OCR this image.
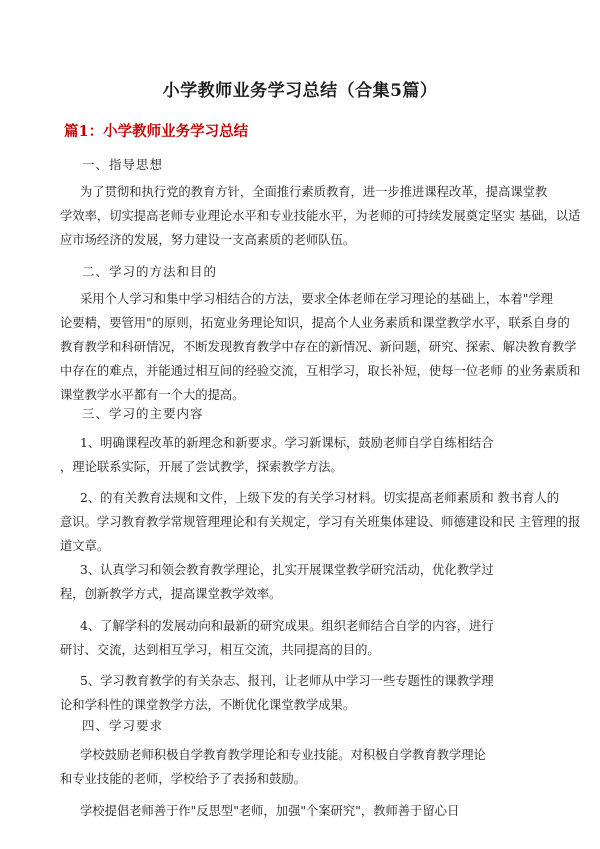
小学教师业务学习总结（合集5篇）
篇1：小学教师业务学习总结
一、指导思想
为了贯彻和执行党的教育方针，全面推行素质教育，进一步推进课程改革，提高课堂教
学效率，切实提高老师专业理论水平和专业技能水平，为老师的可持续发展奠定坚实 基础，以适
应市场经济的发展，努力建设一支高素质的老师队伍。
二、学习的方法和目的
采用个人学习和集中学习相结合的方法，要求全体老师在学习理论的基础上，本着"学理
论要精，要管用"的原则，拓宽业务理论知识，提高个人业务素质和课堂教学水平，联系自身的
教育教学和科研情况，不断发现教育教学中存在的新情况、新问题，研究、探索、解决教育教学
中存在的难点，并能通过相互间的经验交流，互相学习，取长补短，使每一位老师 的业务素质和
课堂教学水平都有一个大的提高。
三、学习的主要内容
1、明确课程改革的新理念和新要求。学习新课标，鼓励老师自学自练相结合
，理论联系实际，开展了尝试教学，探索教学方法。
2、的有关教育法规和文件，上级下发的有关学习材料。切实提高老师素质和 教书育人的
意识。学习教育教学常规管理理论和有关规定，学习有关班集体建设、师德建设和民 主管理的报
道文章。
3、认真学习和领会教育教学理论，扎实开展课堂教学研究活动，优化教学过
程，创新教学方式，提高课堂教学效率。
4、了解学科的发展动向和最新的研究成果。组织老师结合自学的内容，进行
研讨、交流，达到相互学习，相互交流，共同提高的目的。
5、学习教育教学的有关杂志、报刊，让老师从中学习一些专题性的课教学理
论和学科性的课堂教学方法，不断优化课堂教学成果。
四、学习要求
学校鼓励老师积极自学教育教学理论和专业技能。对积极自学教育教学理论
和专业技能的老师，学校给予了表扬和鼓励。
学校提倡老师善于作"反思型"老师，加强"个案研究"，教师善于留心日
